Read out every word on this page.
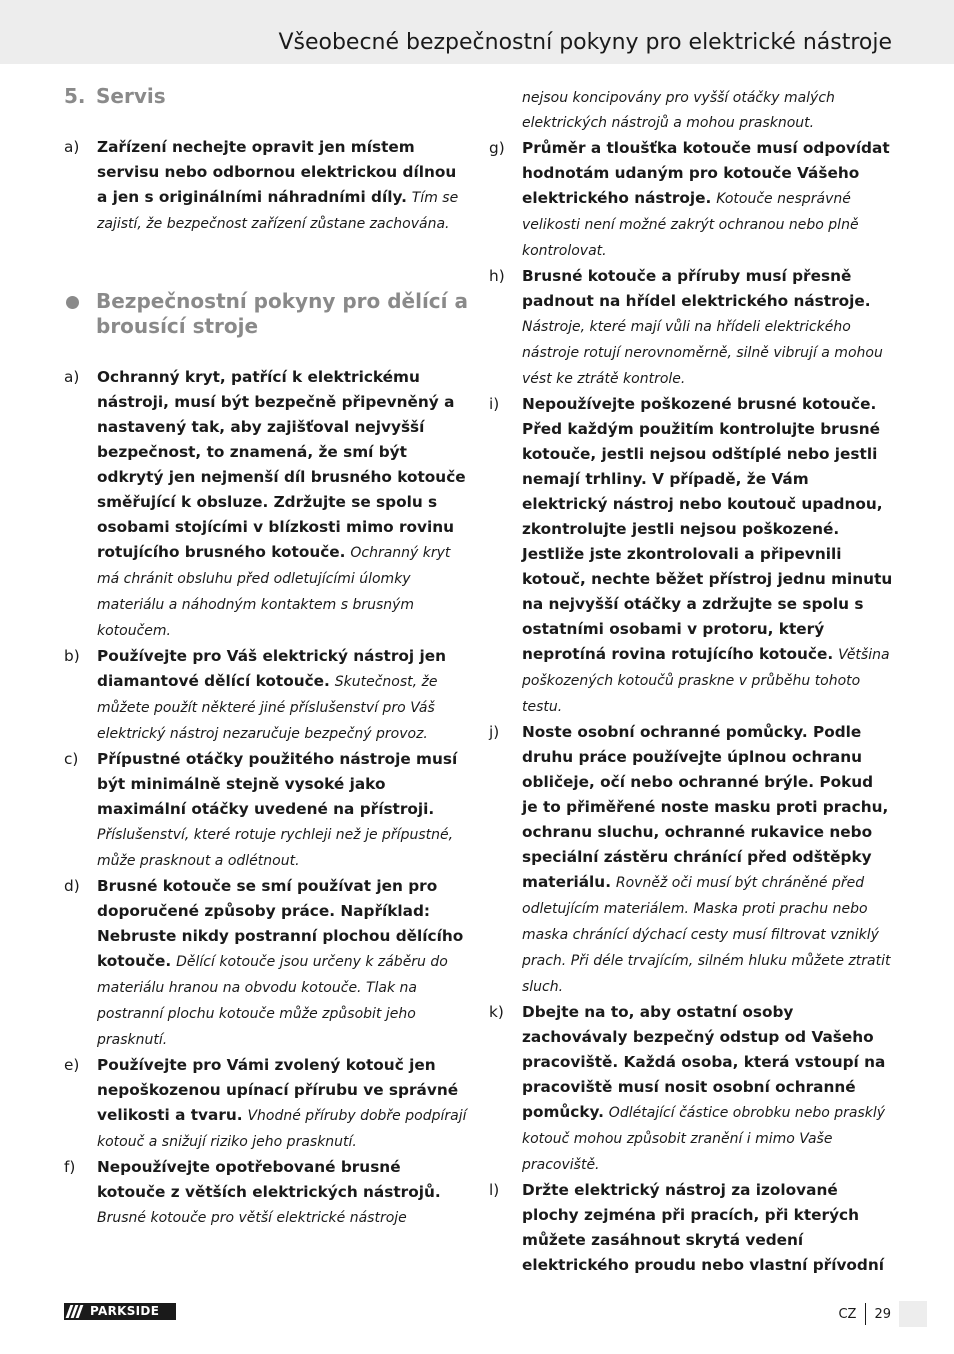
Všeobecné bezpečnostní pokyny pro elektrické nástroje
5. Servis
a)	Zařízení nechejte opravit jen místem servisu nebo odbornou elektrickou dílnou a jen s originálními náhradními díly. Tím se zajistí, že bezpečnost zařízení zůstane zachována.
Bezpečnostní pokyny pro dělící a brousící stroje
a)	Ochranný kryt, patřící k elektrickému nástroji, musí být bezpečně připevněný a nastavený tak, aby zajišťoval nejvyšší bezpečnost, to znamená, že smí být odkrytý jen nejmenší díl brusného kotouče směřující k obsluze. Zdržujte se spolu s osobami stojícími v blízkosti mimo rovinu rotujícího brusného kotouče. Ochranný kryt má chránit obsluhu před odletujícími úlomky materiálu a náhodným kontaktem s brusným kotoučem.
b)	Používejte pro Váš elektrický nástroj jen diamantové dělící kotouče. Skutečnost, že můžete použít některé jiné příslušenství pro Váš elektrický nástroj nezaručuje bezpečný provoz.
c)	Přípustné otáčky použitého nástroje musí být minimálně stejně vysoké jako maximální otáčky uvedené na přístroji. Příslušenství, které rotuje rychleji než je přípustné, může prasknout a odlétnout.
d)	Brusné kotouče se smí používat jen pro doporučené způsoby práce. Například: Nebruste nikdy postranní plochou dělícího kotouče. Dělící kotouče jsou určeny k záběru do materiálu hranou na obvodu kotouče. Tlak na postranní plochu kotouče může způsobit jeho prasknutí.
e)	Používejte pro Vámi zvolený kotouč jen nepoškozenou upínací přírubu ve správné velikosti a tvaru. Vhodné příruby dobře podpírají kotouč a snižují riziko jeho prasknutí.
f)	Nepoužívejte opotřebované brusné kotouče z větších elektrických nástrojů. Brusné kotouče pro větší elektrické nástroje
nejsou koncipovány pro vyšší otáčky malých elektrických nástrojů a mohou prasknout.
g)	Průměr a tloušťka kotouče musí odpovídat hodnotám udaným pro kotouče Vášeho elektrického nástroje. Kotouče nesprávné velikosti není možné zakrýt ochranou nebo plně kontrolovat.
h)	Brusné kotouče a příruby musí přesně padnout na hřídel elektrického nástroje. Nástroje, které mají vůli na hřídeli elektrického nástroje rotují nerovnoměrně, silně vibrují a mohou vést ke ztrátě kontrole.
i)	Nepoužívejte poškozené brusné kotouče. Před každým použitím kontrolujte brusné kotouče, jestli nejsou odštíplé nebo jestli nemají trhliny. V případě, že Vám elektrický nástroj nebo koutouč upadnou, zkontrolujte jestli nejsou poškozené. Jestliže jste zkontrolovali a připevnili kotouč, nechte běžet přístroj jednu minutu na nejvyšší otáčky a zdržujte se spolu s ostatními osobami v protoru, který neprotíná rovina rotujícího kotouče. Většina poškozených kotoučů praskne v průběhu tohoto testu.
j)	Noste osobní ochranné pomůcky. Podle druhu práce používejte úplnou ochranu obličeje, očí nebo ochranné brýle. Pokud je to přiměřené noste masku proti prachu, ochranu sluchu, ochranné rukavice nebo speciální zástěru chránící před odštěpky materiálu. Rovněž oči musí být chráněné před odletujícím materiálem. Maska proti prachu nebo maska chránící dýchací cesty musí filtrovat vzniklý prach. Při déle trvajícím, silném hluku můžete ztratit sluch.
k)	Dbejte na to, aby ostatní osoby zachovávaly bezpečný odstup od Vašeho pracoviště. Každá osoba, která vstoupí na pracoviště musí nosit osobní ochranné pomůcky. Odlétající částice obrobku nebo prasklý kotouč mohou způsobit zranění i mimo Vaše pracoviště.
l)	Držte elektrický nástroj za izolované plochy zejména při pracích, při kterých můžete zasáhnout skrytá vedení elektrického proudu nebo vlastní přívodní
PARKSIDE	CZ	29
